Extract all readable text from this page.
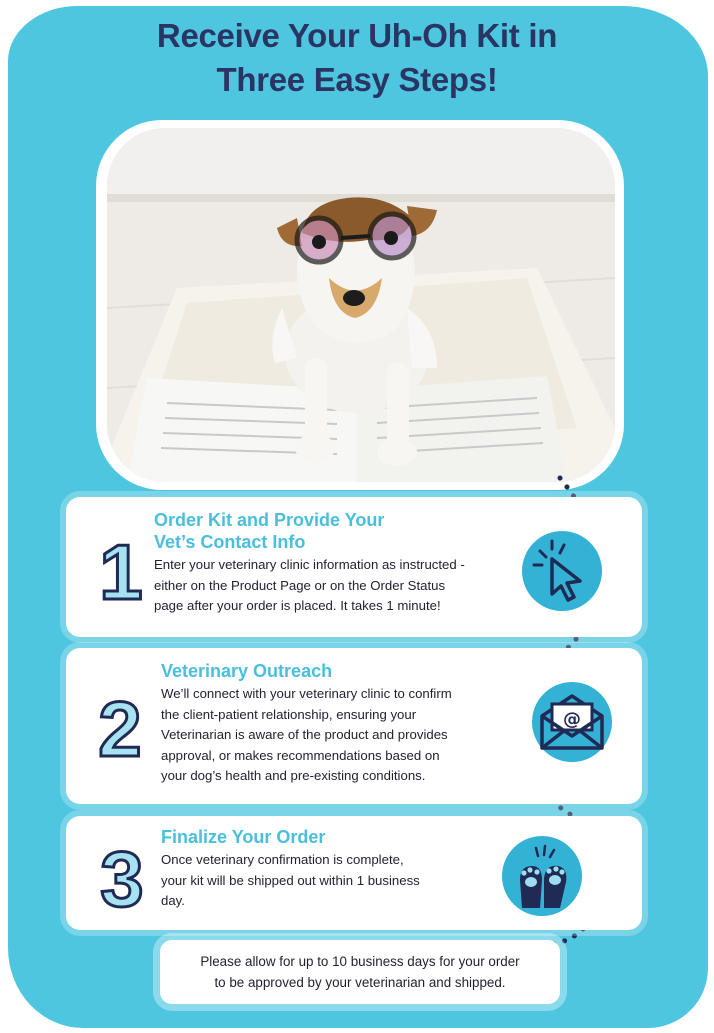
Receive Your Uh-Oh Kit in
Three Easy Steps!
1
Order Kit and Provide Your
Vet’s Contact Info
Enter your veterinary clinic information as instructed -
either on the Product Page or on the Order Status
page after your order is placed. It takes 1 minute!
2
Veterinary Outreach
We’ll connect with your veterinary clinic to confirm
the client-patient relationship, ensuring your
Veterinarian is aware of the product and provides
approval, or makes recommendations based on
your dog’s health and pre-existing conditions.
@
3 Finalize Your Order
Once veterinary confirmation is complete,
your kit will be shipped out within 1 business
day.
Please allow for up to 10 business days for your order
to be approved by your veterinarian and shipped.
